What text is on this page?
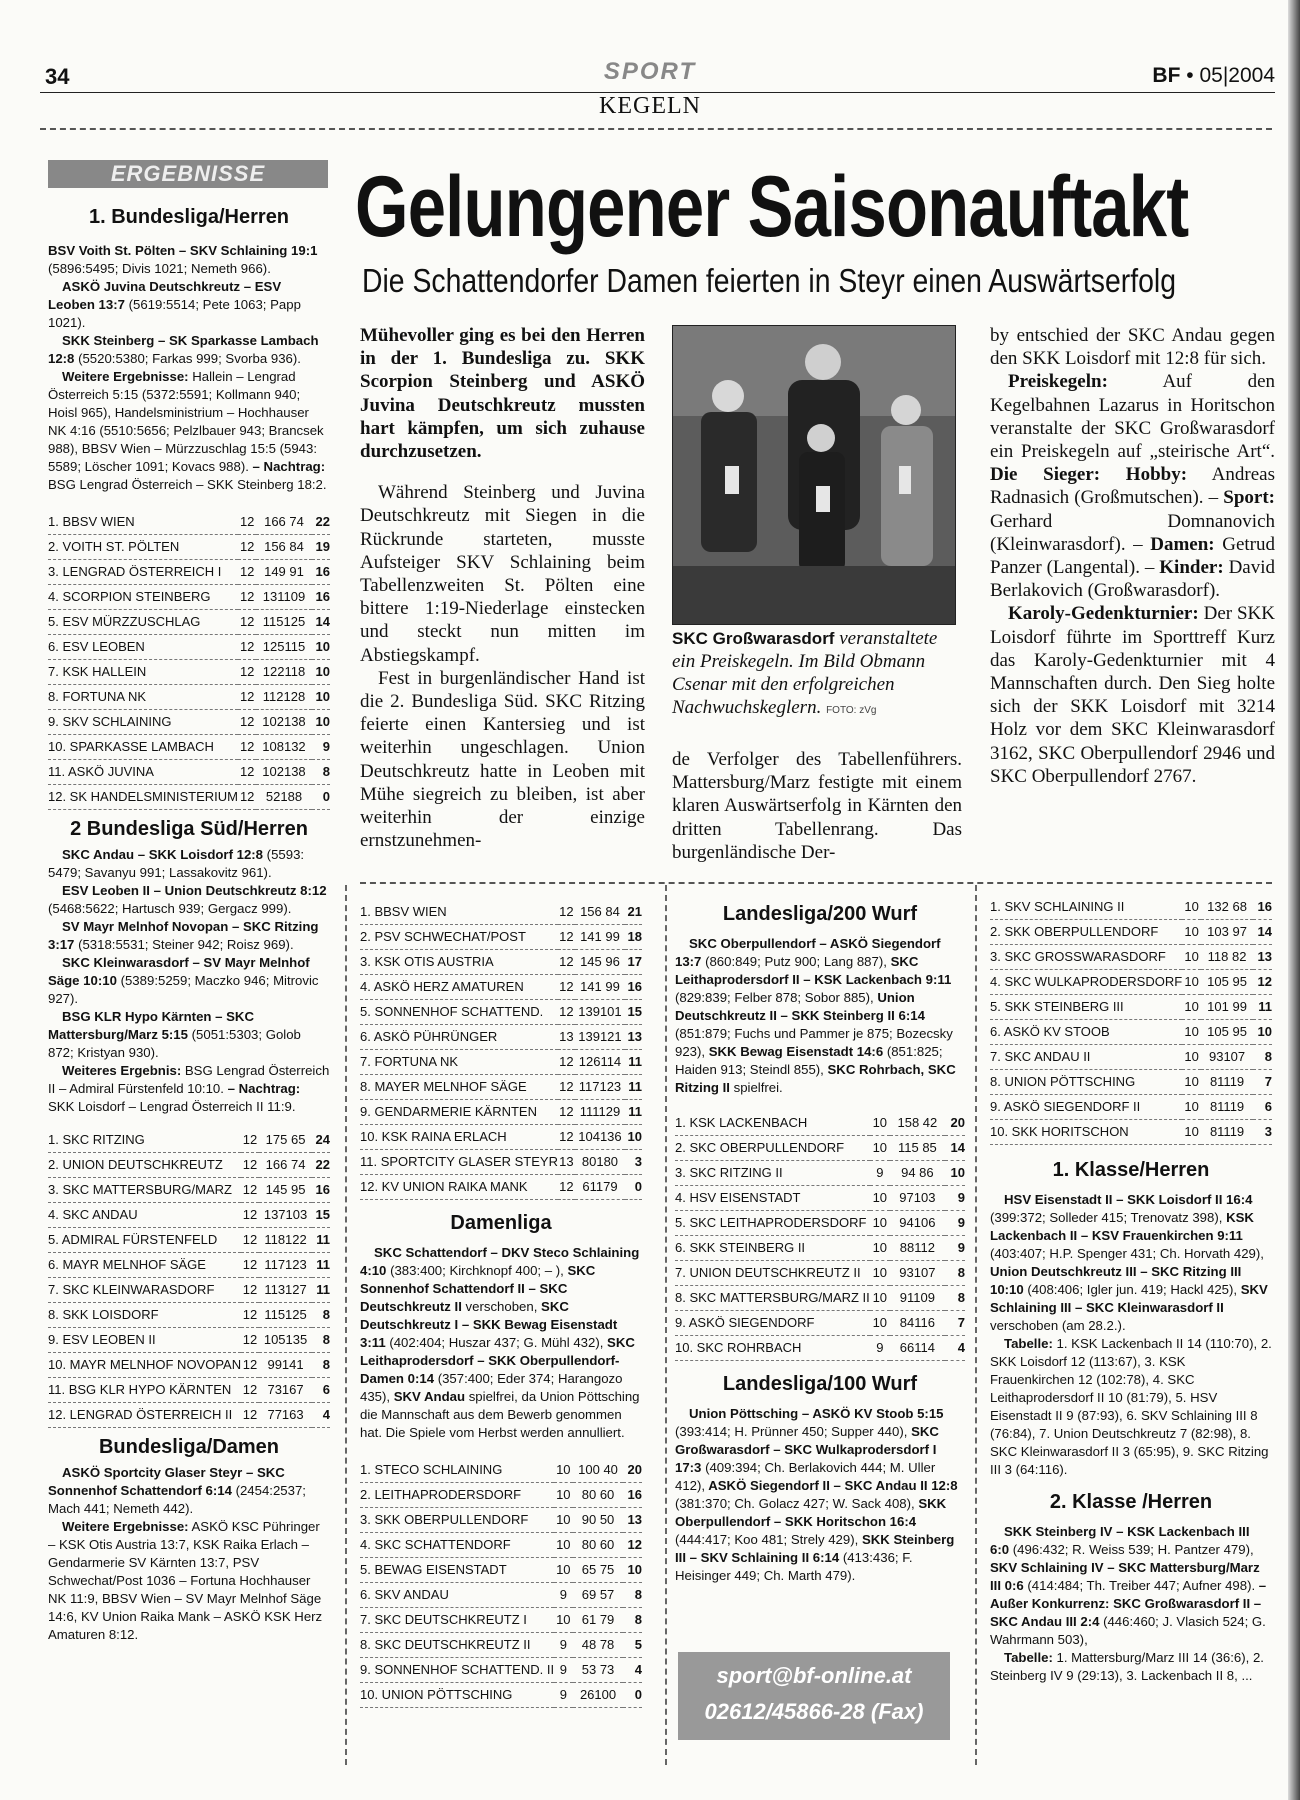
34	SPORT	BF • 05|2004
KEGELN
ERGEBNISSE	Gelungener Saisonauftakt
Die Schattendorfer Damen feierten in Steyr einen Auswärtserfolg

Mühevoller ging es bei den Herren in der 1. Bundesliga zu. SKK Scorpion Steinberg und ASKÖ Juvina Deutschkreutz mussten hart kämpfen, um sich zuhause durchzusetzen.

Während Steinberg und Juvina Deutschkreutz mit Siegen in die Rückrunde starteten, musste Aufsteiger SKV Schlaining beim Tabellenzweiten St. Pölten eine bittere 1:19-Niederlage einstecken und steckt nun mitten im Abstiegskampf.

Fest in burgenländischer Hand ist die 2. Bundesliga Süd. SKC Ritzing feierte einen Kantersieg und ist weiterhin ungeschlagen. Union Deutschkreutz hatte in Leoben mit Mühe siegreich zu bleiben, ist aber weiterhin der einzige ernstzunehmen-

SKC Großwarasdorf veranstaltete ein Preiskegeln. Im Bild Obmann Csenar mit den erfolgreichen Nachwuchskeglern. FOTO: zVg

de Verfolger des Tabellenführers. Mattersburg/Marz festigte mit einem klaren Auswärtserfolg in Kärnten den dritten Tabellenrang. Das burgenländische Der-

by entschied der SKC Andau gegen den SKK Loisdorf mit 12:8 für sich.

Preiskegeln: Auf den Kegelbahnen Lazarus in Horitschon veranstalte der SKC Großwarasdorf ein Preiskegeln auf „steirische Art“. Die Sieger: Hobby: Andreas Radnasich (Großmutschen). – Sport: Gerhard Domnanovich (Kleinwarasdorf). – Damen: Getrud Panzer (Langental). – Kinder: David Berlakovich (Großwarasdorf).

Karoly-Gedenkturnier: Der SKK Loisdorf führte im Sporttreff Kurz das Karoly-Gedenkturnier mit 4 Mannschaften durch. Den Sieg holte sich der SKK Loisdorf mit 3214 Holz vor dem SKC Kleinwarasdorf 3162, SKC Oberpullendorf 2946 und SKC Oberpullendorf 2767.

1. Bundesliga/Herren

BSV Voith St. Pölten – SKV Schlaining 19:1 (5896:5495; Divis 1021; Nemeth 966).

ASKÖ Juvina Deutschkreutz – ESV Leoben 13:7 (5619:5514; Pete 1063; Papp 1021).

SKK Steinberg – SK Sparkasse Lambach 12:8 (5520:5380; Farkas 999; Svorba 936).

Weitere Ergebnisse: Hallein – Lengrad Österreich 5:15 (5372:5591; Kollmann 940; Hoisl 965), Handelsministrium – Hochhauser NK 4:16 (5510:5656; Pelzlbauer 943; Brancsek 988), BBSV Wien – Mürzzuschlag 15:5 (5943: 5589; Löscher 1091; Kovacs 988). – Nachtrag: BSG Lengrad Österreich – SKK Steinberg 18:2.

1. BBSV WIEN	12	166 74	22
2. VOITH ST. PÖLTEN	12	156 84	19
3. LENGRAD ÖSTERREICH I	12	149 91	16
4. SCORPION STEINBERG	12	131109	16
5. ESV MÜRZZUSCHLAG	12	115125	14
6. ESV LEOBEN	12	125115	10
7. KSK HALLEIN	12	122118	10
8. FORTUNA NK	12	112128	10
9. SKV SCHLAINING	12	102138	10
10. SPARKASSE LAMBACH	12	108132	9
11. ASKÖ JUVINA	12	102138	8
12. SK HANDELSMINISTERIUM	12	52188	0
2 Bundesliga Süd/Herren

SKC Andau – SKK Loisdorf 12:8 (5593: 5479; Savanyu 991; Lassakovitz 961).

ESV Leoben II – Union Deutschkreutz 8:12 (5468:5622; Hartusch 939; Gergacz 999).

SV Mayr Melnhof Novopan – SKC Ritzing 3:17 (5318:5531; Steiner 942; Roisz 969).

SKC Kleinwarasdorf – SV Mayr Melnhof Säge 10:10 (5389:5259; Maczko 946; Mitrovic 927).

BSG KLR Hypo Kärnten – SKC Mattersburg/Marz 5:15 (5051:5303; Golob 872; Kristyan 930).

Weiteres Ergebnis: BSG Lengrad Österreich II – Admiral Fürstenfeld 10:10. – Nachtrag: SKK Loisdorf – Lengrad Österreich II 11:9.

1. SKC RITZING	12	175 65	24
2. UNION DEUTSCHKREUTZ	12	166 74	22
3. SKC MATTERSBURG/MARZ	12	145 95	16
4. SKC ANDAU	12	137103	15
5. ADMIRAL FÜRSTENFELD	12	118122	11
6. MAYR MELNHOF SÄGE	12	117123	11
7. SKC KLEINWARASDORF	12	113127	11
8. SKK LOISDORF	12	115125	8
9. ESV LEOBEN II	12	105135	8
10. MAYR MELNHOF NOVOPAN	12	99141	8
11. BSG KLR HYPO KÄRNTEN	12	73167	6
12. LENGRAD ÖSTERREICH II	12	77163	4
Bundesliga/Damen

ASKÖ Sportcity Glaser Steyr – SKC Sonnenhof Schattendorf 6:14 (2454:2537; Mach 441; Nemeth 442).

Weitere Ergebnisse: ASKÖ KSC Pühringer – KSK Otis Austria 13:7, KSK Raika Erlach – Gendarmerie SV Kärnten 13:7, PSV Schwechat/Post 1036 – Fortuna Hochhauser NK 11:9, BBSV Wien – SV Mayr Melnhof Säge 14:6, KV Union Raika Mank – ASKÖ KSK Herz Amaturen 8:12.

1. BBSV WIEN	12	156 84	21
2. PSV SCHWECHAT/POST	12	141 99	18
3. KSK OTIS AUSTRIA	12	145 96	17
4. ASKÖ HERZ AMATUREN	12	141 99	16
5. SONNENHOF SCHATTEND.	12	139101	15
6. ASKÖ PÜHRÜNGER	13	139121	13
7. FORTUNA NK	12	126114	11
8. MAYER MELNHOF SÄGE	12	117123	11
9. GENDARMERIE KÄRNTEN	12	111129	11
10. KSK RAINA ERLACH	12	104136	10
11. SPORTCITY GLASER STEYR	13	80180	3
12. KV UNION RAIKA MANK	12	61179	0
Damenliga

SKC Schattendorf – DKV Steco Schlaining 4:10 (383:400; Kirchknopf 400; – ), SKC Sonnenhof Schattendorf II – SKC Deutschkreutz II verschoben, SKC Deutschkreutz I – SKK Bewag Eisenstadt 3:11 (402:404; Huszar 437; G. Mühl 432), SKC Leithaprodersdorf – SKK Oberpullendorf-Damen 0:14 (357:400; Eder 374; Harangozo 435), SKV Andau spielfrei, da Union Pöttsching die Mannschaft aus dem Bewerb genommen hat. Die Spiele vom Herbst werden annulliert.

1. STECO SCHLAINING	10	100 40	20
2. LEITHAPRODERSDORF	10	80 60	16
3. SKK OBERPULLENDORF	10	90 50	13
4. SKC SCHATTENDORF	10	80 60	12
5. BEWAG EISENSTADT	10	65 75	10
6. SKV ANDAU	9	69 57	8
7. SKC DEUTSCHKREUTZ I	10	61 79	8
8. SKC DEUTSCHKREUTZ II	9	48 78	5
9. SONNENHOF SCHATTEND. II	9	53 73	4
10. UNION PÖTTSCHING	9	26100	0
Landesliga/200 Wurf

SKC Oberpullendorf – ASKÖ Siegendorf 13:7 (860:849; Putz 900; Lang 887), SKC Leithaprodersdorf II – KSK Lackenbach 9:11 (829:839; Felber 878; Sobor 885), Union Deutschkreutz II – SKK Steinberg II 6:14 (851:879; Fuchs und Pammer je 875; Bozecsky 923), SKK Bewag Eisenstadt 14:6 (851:825; Haiden 913; Steindl 855), SKC Rohrbach, SKC Ritzing II spielfrei.

1. KSK LACKENBACH	10	158 42	20
2. SKC OBERPULLENDORF	10	115 85	14
3. SKC RITZING II	9	94 86	10
4. HSV EISENSTADT	10	97103	9
5. SKC LEITHAPRODERSDORF	10	94106	9
6. SKK STEINBERG II	10	88112	9
7. UNION DEUTSCHKREUTZ II	10	93107	8
8. SKC MATTERSBURG/MARZ II	10	91109	8
9. ASKÖ SIEGENDORF	10	84116	7
10. SKC ROHRBACH	9	66114	4
Landesliga/100 Wurf

Union Pöttsching – ASKÖ KV Stoob 5:15 (393:414; H. Prünner 450; Supper 440), SKC Großwarasdorf – SKC Wulkaprodersdorf I 17:3 (409:394; Ch. Berlakovich 444; M. Uller 412), ASKÖ Siegendorf II – SKC Andau II 12:8 (381:370; Ch. Golacz 427; W. Sack 408), SKK Oberpullendorf – SKK Horitschon 16:4 (444:417; Koo 481; Strely 429), SKK Steinberg III – SKV Schlaining II 6:14 (413:436; F. Heisinger 449; Ch. Marth 479).

sport@bf-online.at
02612/45866-28 (Fax)
1. SKV SCHLAINING II	10	132 68	16
2. SKK OBERPULLENDORF	10	103 97	14
3. SKC GROSSWARASDORF	10	118 82	13
4. SKC WULKAPRODERSDORF	10	105 95	12
5. SKK STEINBERG III	10	101 99	11
6. ASKÖ KV STOOB	10	105 95	10
7. SKC ANDAU II	10	93107	8
8. UNION PÖTTSCHING	10	81119	7
9. ASKÖ SIEGENDORF II	10	81119	6
10. SKK HORITSCHON	10	81119	3
1. Klasse/Herren

HSV Eisenstadt II – SKK Loisdorf II 16:4 (399:372; Solleder 415; Trenovatz 398), KSK Lackenbach II – KSV Frauenkirchen 9:11 (403:407; H.P. Spenger 431; Ch. Horvath 429), Union Deutschkreutz III – SKC Ritzing III 10:10 (408:406; Igler jun. 419; Hackl 425), SKV Schlaining III – SKC Kleinwarasdorf II verschoben (am 28.2.).

Tabelle: 1. KSK Lackenbach II 14 (110:70), 2. SKK Loisdorf 12 (113:67), 3. KSK Frauenkirchen 12 (102:78), 4. SKC Leithaprodersdorf II 10 (81:79), 5. HSV Eisenstadt II 9 (87:93), 6. SKV Schlaining III 8 (76:84), 7. Union Deutschkreutz 7 (82:98), 8. SKC Kleinwarasdorf II 3 (65:95), 9. SKC Ritzing III 3 (64:116).

2. Klasse /Herren

SKK Steinberg IV – KSK Lackenbach III 6:0 (496:432; R. Weiss 539; H. Pantzer 479), SKV Schlaining IV – SKC Mattersburg/Marz III 0:6 (414:484; Th. Treiber 447; Aufner 498). – Außer Konkurrenz: SKC Großwarasdorf II – SKC Andau III 2:4 (446:460; J. Vlasich 524; G. Wahrmann 503),

Tabelle: 1. Mattersburg/Marz III 14 (36:6), 2. Steinberg IV 9 (29:13), 3. Lackenbach II 8, ...
